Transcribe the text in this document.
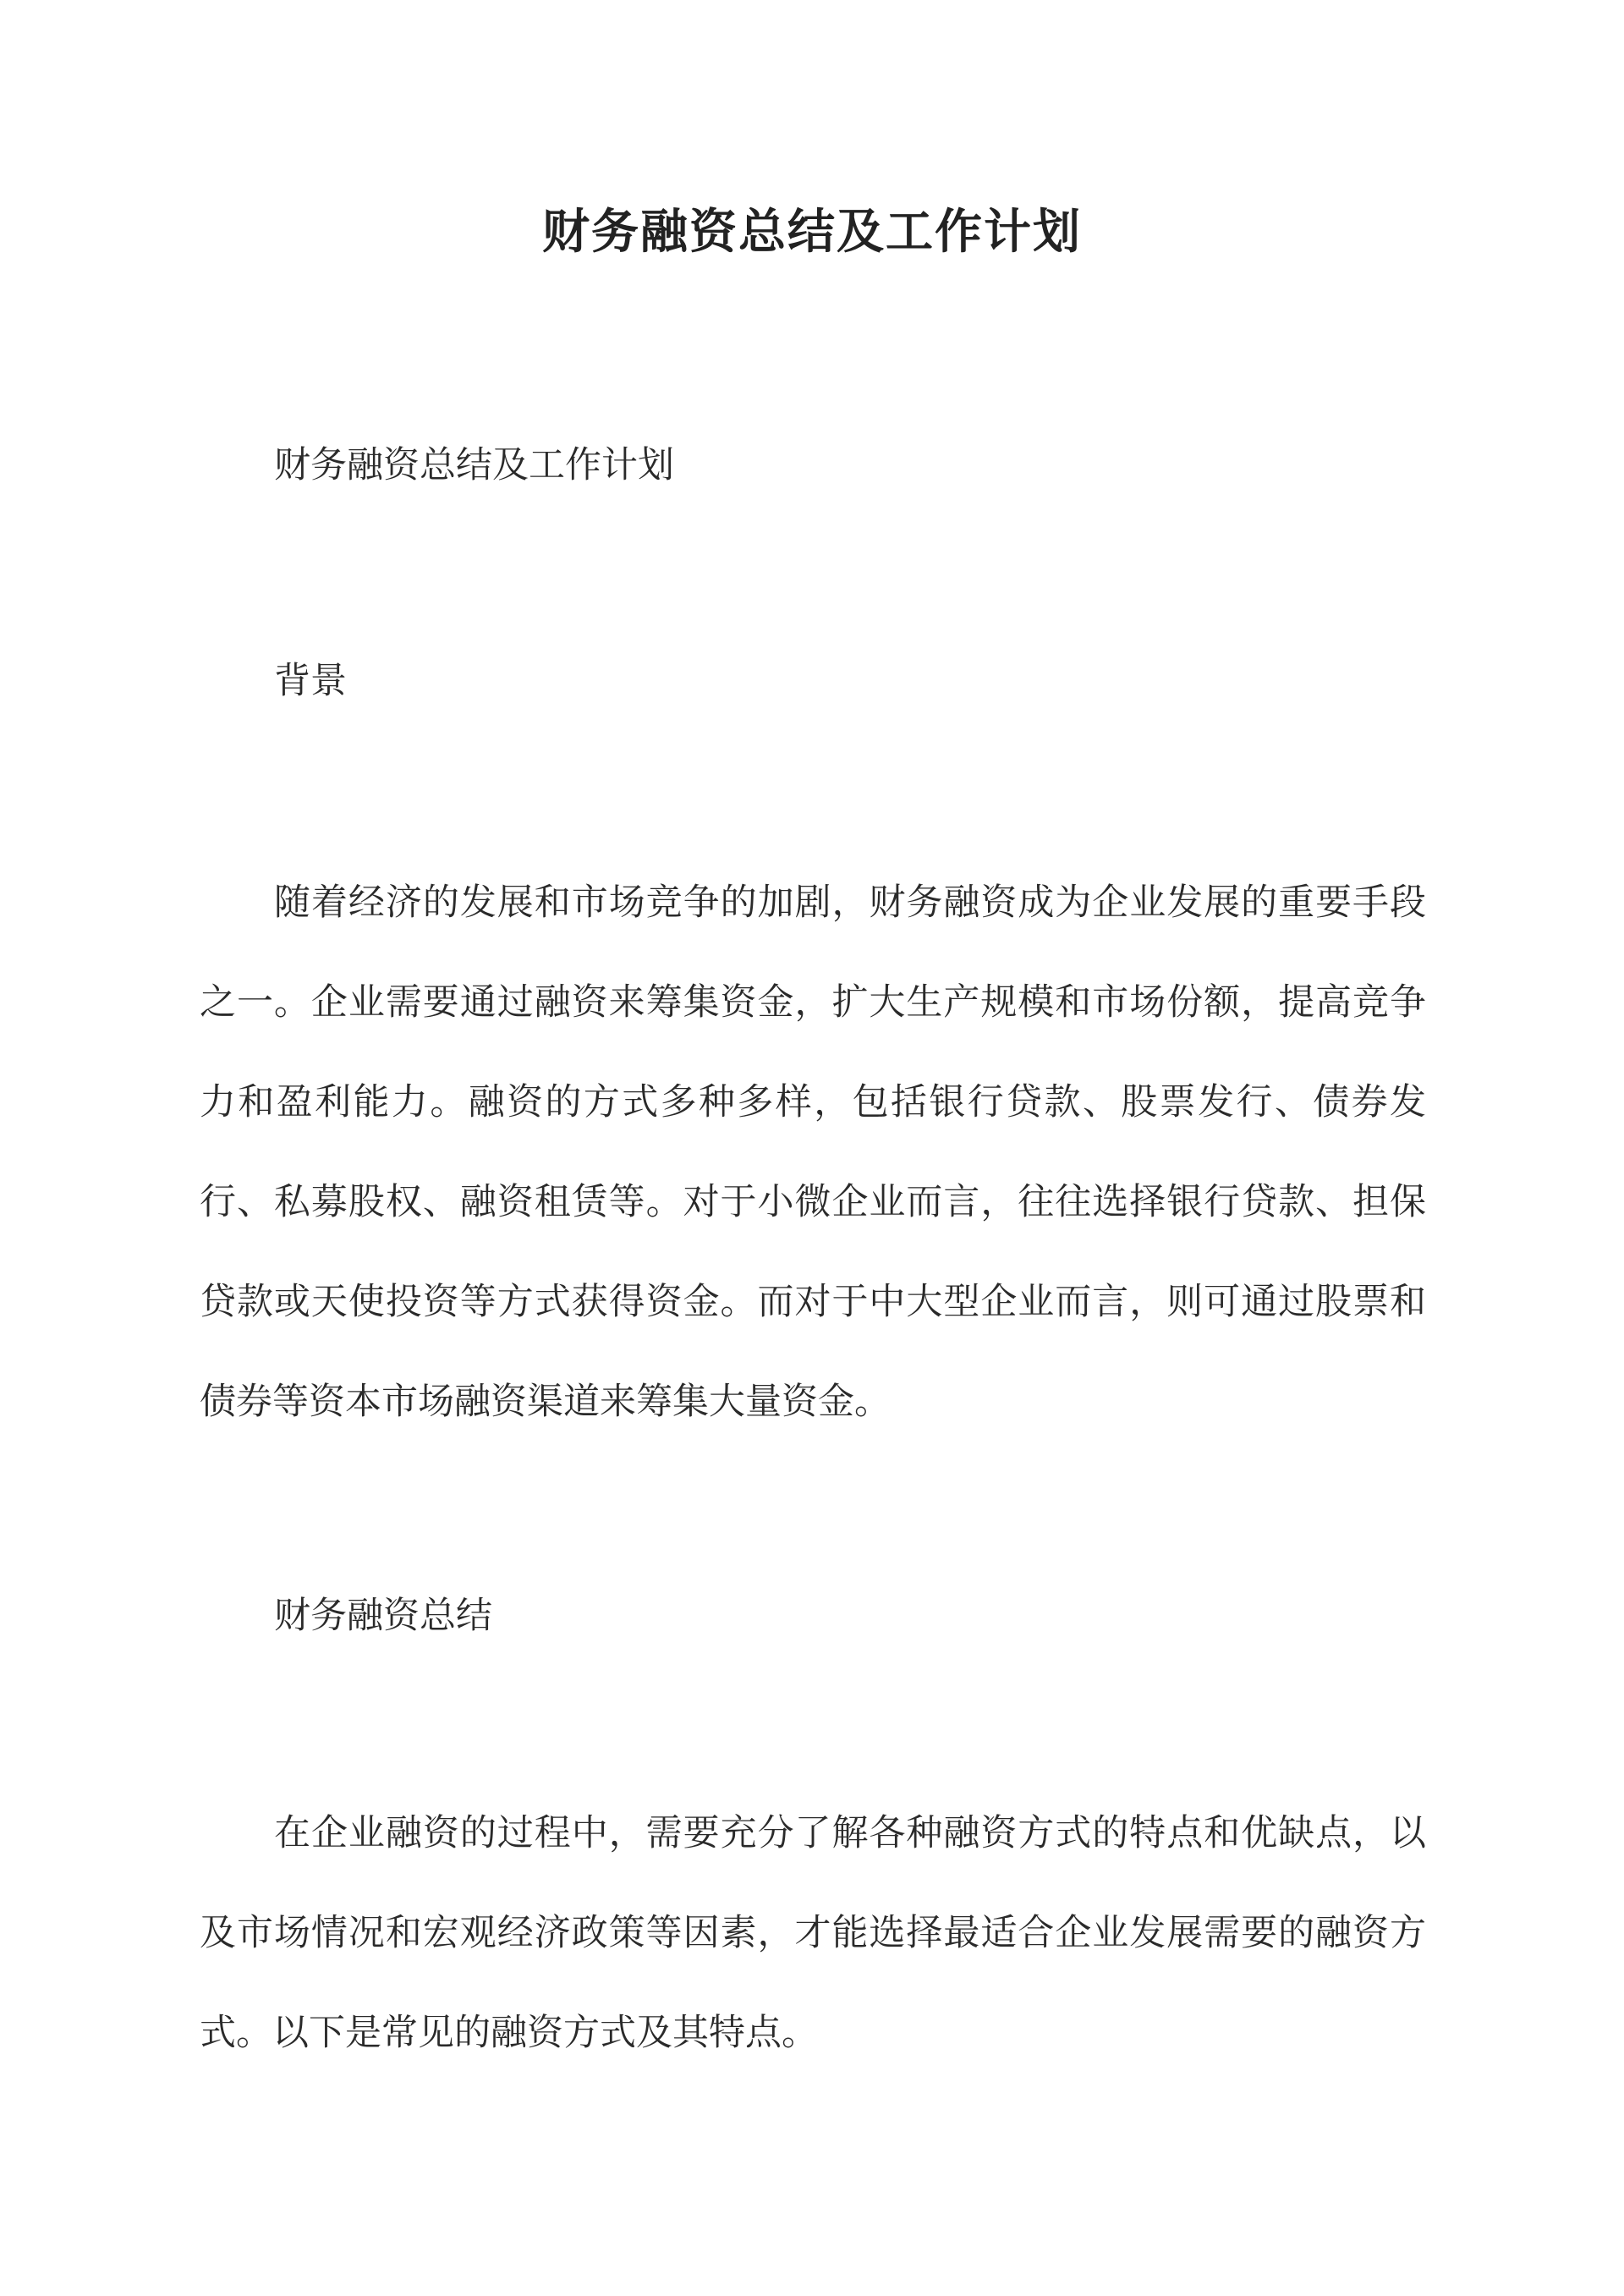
财务融资总结及工作计划

财务融资总结及工作计划

背景

随着经济的发展和市场竞争的加剧，财务融资成为企业发展的重要手段之一。企业需要通过融资来筹集资金，扩大生产规模和市场份额，提高竞争力和盈利能力。融资的方式多种多样，包括银行贷款、股票发行、债券发行、私募股权、融资租赁等。对于小微企业而言，往往选择银行贷款、担保贷款或天使投资等方式获得资金。而对于中大型企业而言，则可通过股票和债券等资本市场融资渠道来筹集大量资金。

财务融资总结

在企业融资的过程中，需要充分了解各种融资方式的特点和优缺点，以及市场情况和宏观经济政策等因素，才能选择最适合企业发展需要的融资方式。以下是常见的融资方式及其特点。
